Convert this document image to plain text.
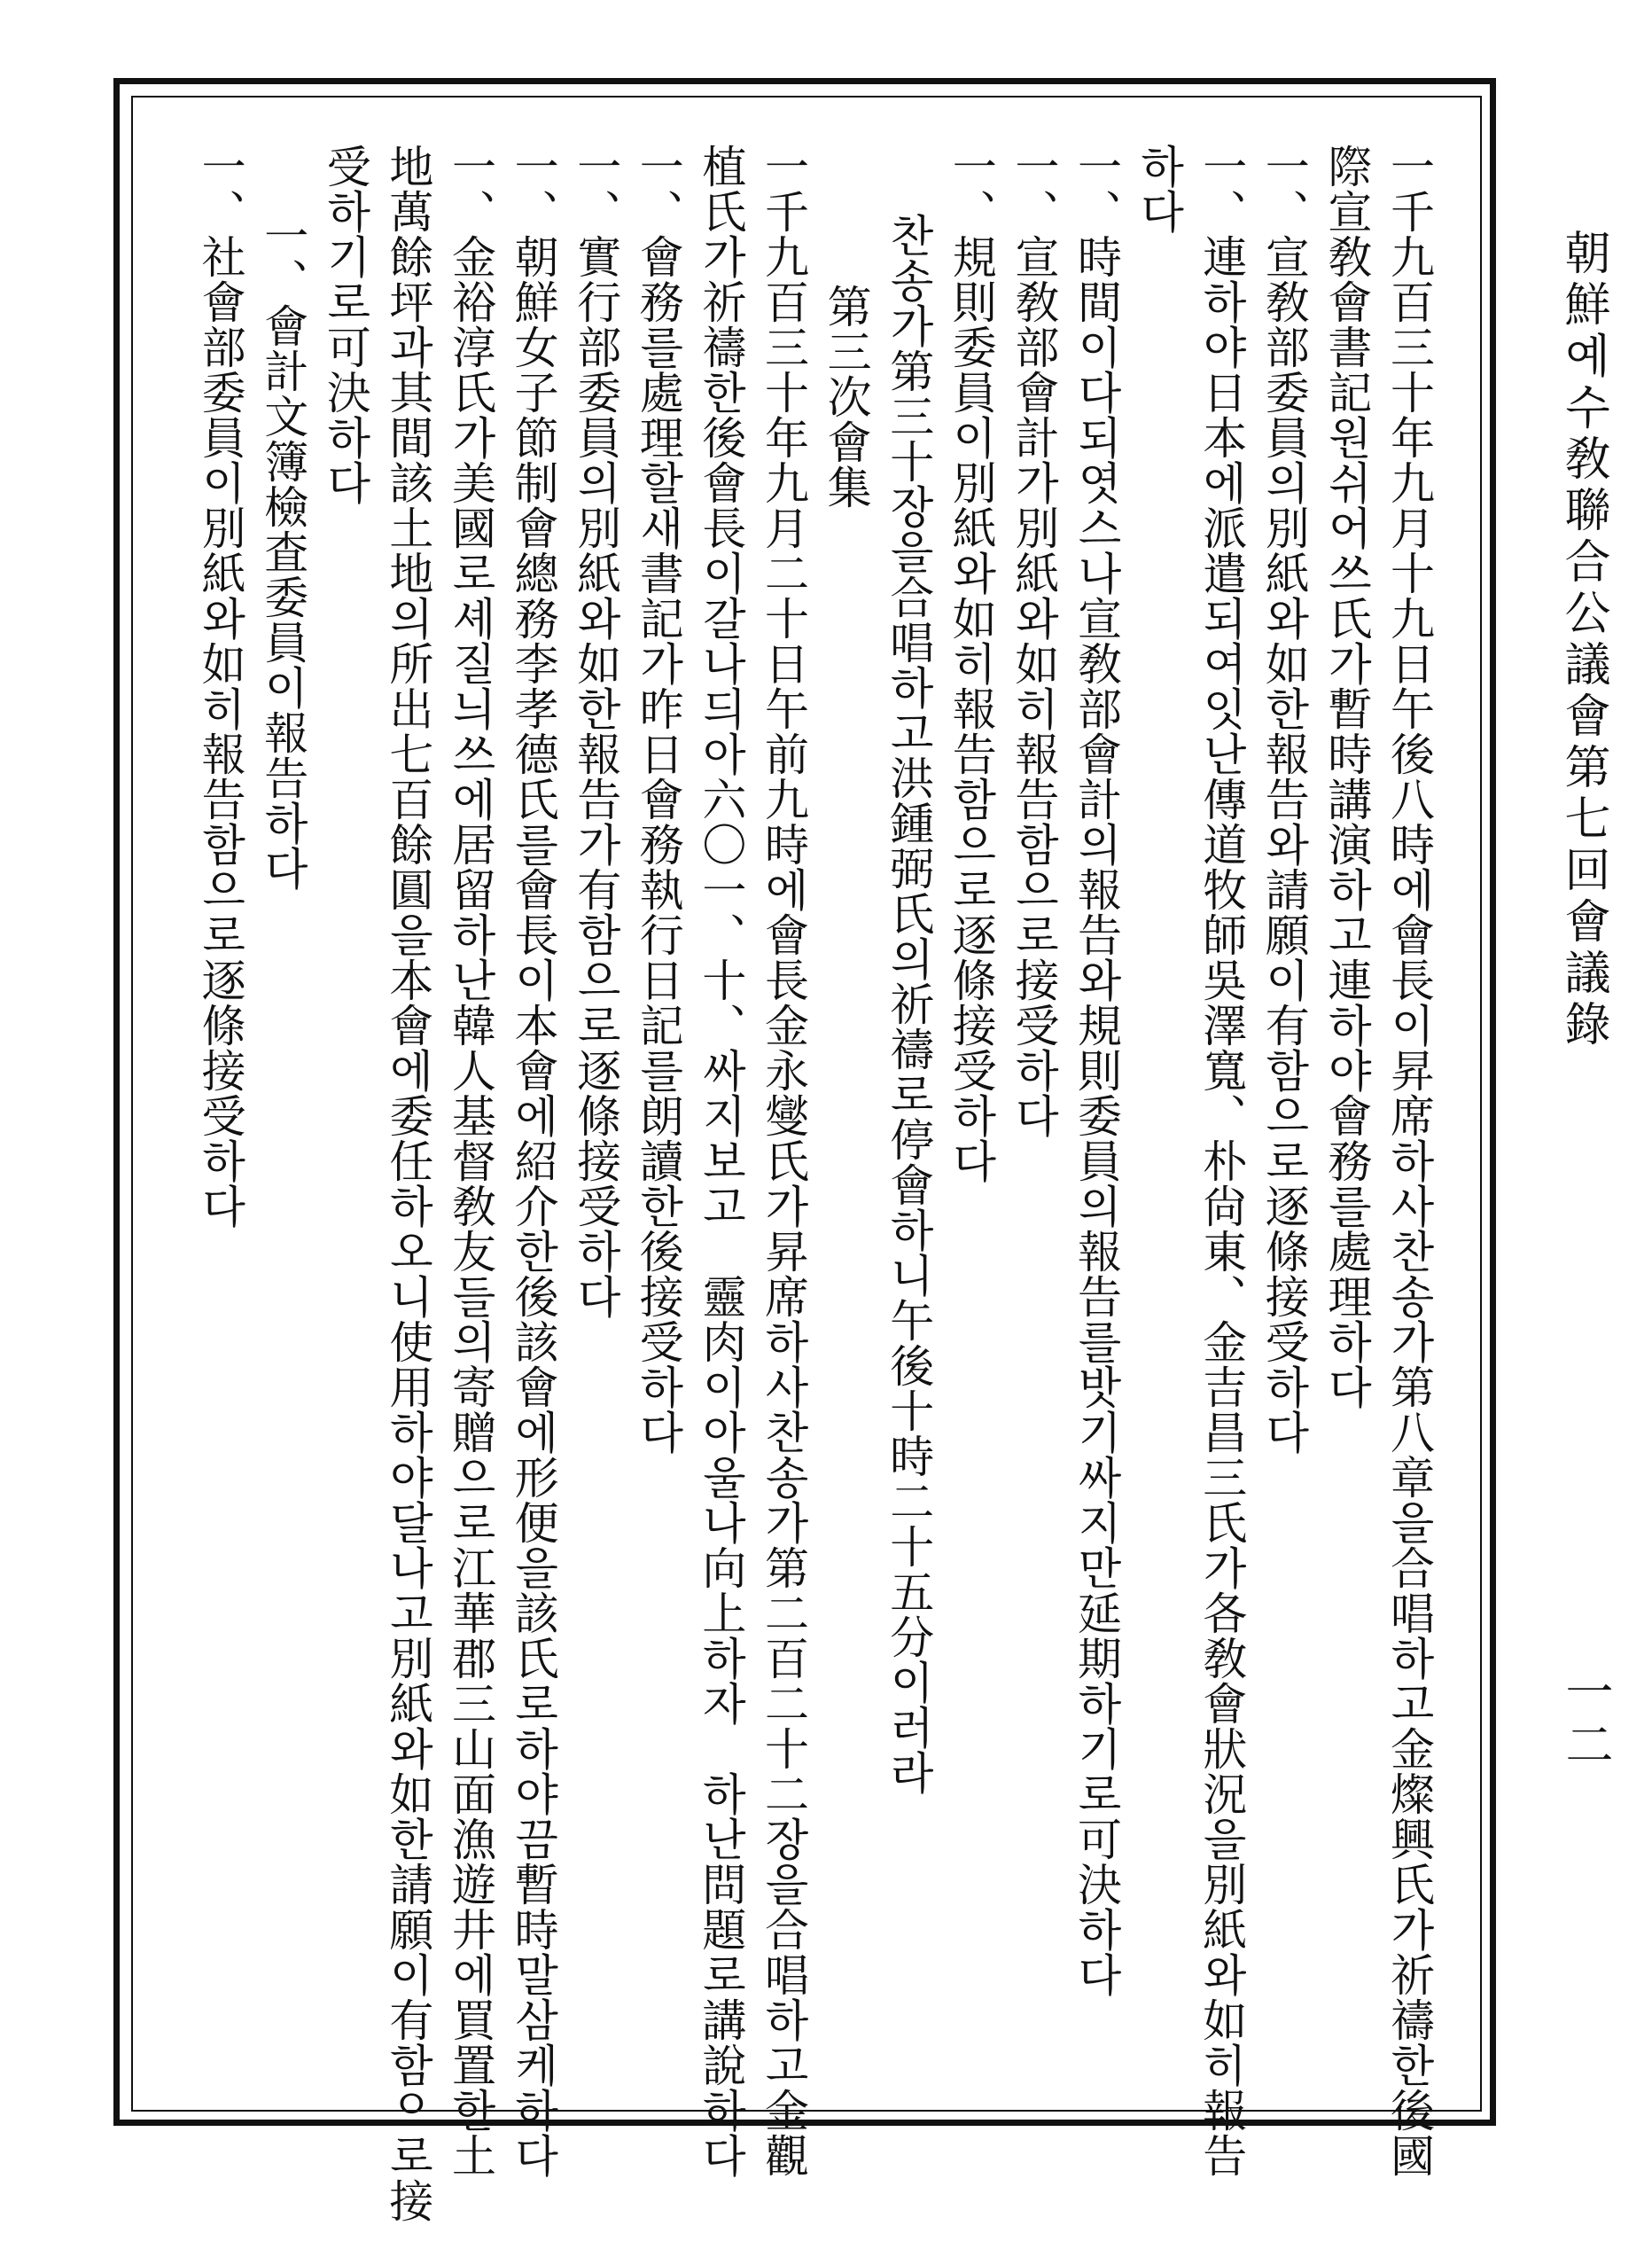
朝鮮예수敎聯合公議會第七回會議錄
一二
一千九百三十年九月十九日午後八時에會長이昇席하사찬송가第八章을合唱하고金燦興氏가祈禱한後國
際宣敎會書記원쉬어쓰氏가暫時講演하고連하야會務를處理하다
一、宣敎部委員의別紙와如한報告와請願이有함으로逐條接受하다
一、連하야日本에派遣되여잇난傳道牧師吳澤寬、朴尙東、金吉昌三氏가各敎會狀況을別紙와如히報告
하다
一、時間이다되엿스나宣敎部會計의報告와規則委員의報告를밧기싸지만延期하기로可決하다
一、宣敎部會計가別紙와如히報告함으로接受하다
一、規則委員이別紙와如히報告함으로逐條接受하다
찬송가第三十장을合唱하고洪鍾弼氏의祈禱로停會하니午後十時二十五分이러라
第三次會集
一千九百三十年九月二十日午前九時에會長金永燮氏가昇席하사찬송가第二百二十二장을合唱하고金觀
植氏가祈禱한後會長이갈나듸아六〇一、十、싸지보고　靈肉이아울나向上하자　하난問題로講說하다
一、會務를處理할새書記가昨日會務執行日記를朗讀한後接受하다
一、實行部委員의別紙와如한報告가有함으로逐條接受하다
一、朝鮮女子節制會總務李孝德氏를會長이本會에紹介한後該會에形便을該氏로하야끔暫時말삼케하다
一、金裕淳氏가美國로셰질늬쓰에居留하난韓人基督敎友들의寄贈으로江華郡三山面漁遊井에買置한土
地萬餘坪과其間該土地의所出七百餘圓을本會에委任하오니使用하야달나고別紙와如한請願이有함으로接
受하기로可決하다
一、會計文簿檢査委員이報告하다
一、社會部委員이別紙와如히報告함으로逐條接受하다
